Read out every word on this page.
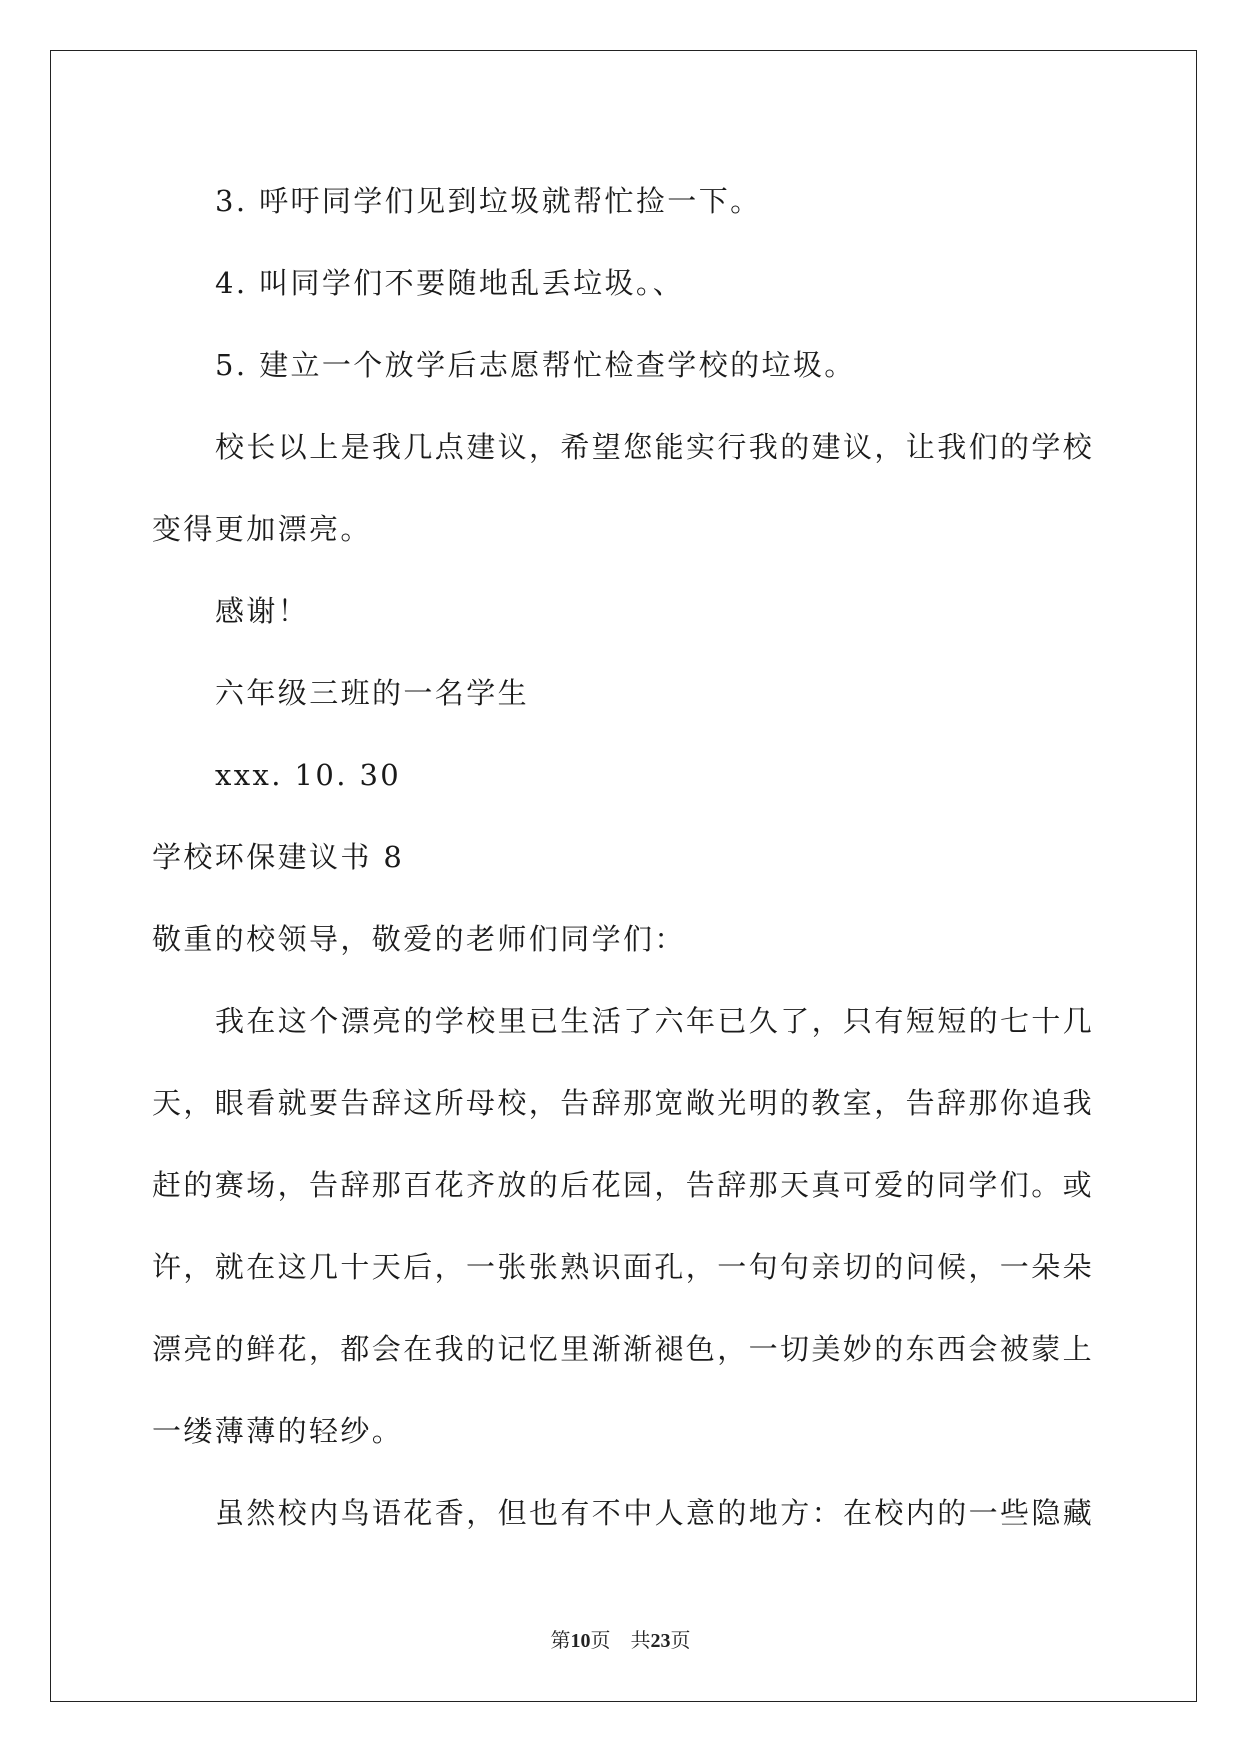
3. 呼吁同学们见到垃圾就帮忙捡一下。
4. 叫同学们不要随地乱丢垃圾。、
5. 建立一个放学后志愿帮忙检查学校的垃圾。
校长以上是我几点建议，希望您能实行我的建议，让我们的学校
变得更加漂亮。
感谢！
六年级三班的一名学生
xxx. 10. 30
学校环保建议书 8
敬重的校领导，敬爱的老师们同学们：
我在这个漂亮的学校里已生活了六年已久了，只有短短的七十几
天，眼看就要告辞这所母校，告辞那宽敞光明的教室，告辞那你追我
赶的赛场，告辞那百花齐放的后花园，告辞那天真可爱的同学们。或
许，就在这几十天后，一张张熟识面孔，一句句亲切的问候，一朵朵
漂亮的鲜花，都会在我的记忆里渐渐褪色，一切美妙的东西会被蒙上
一缕薄薄的轻纱。
虽然校内鸟语花香，但也有不中人意的地方：在校内的一些隐藏
第10页　共23页
